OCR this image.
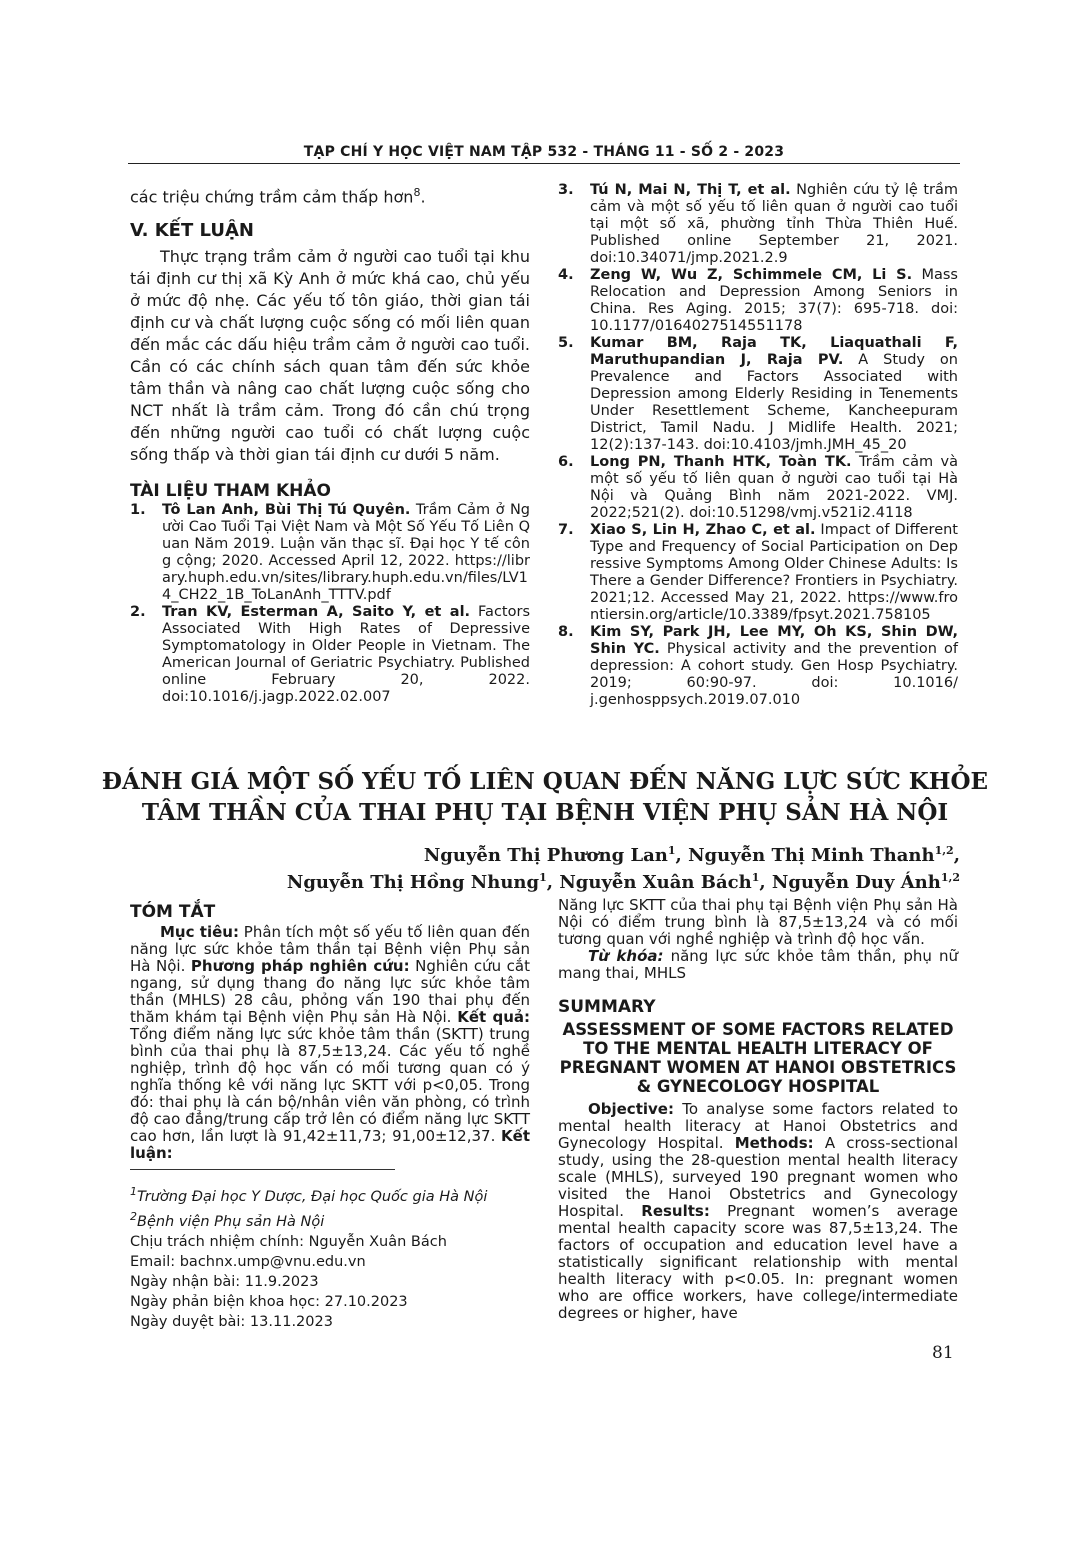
TẠP CHÍ Y HỌC VIỆT NAM TẬP 532 - THÁNG 11 - SỐ 2 - 2023

các triệu chứng trầm cảm thấp hơn$^8$.

V. KẾT LUẬN

Thực trạng trầm cảm ở người cao tuổi tại khu tái định cư thị xã Kỳ Anh ở mức khá cao, chủ yếu ở mức độ nhẹ. Các yếu tố tôn giáo, thời gian tái định cư và chất lượng cuộc sống có mối liên quan đến mắc các dấu hiệu trầm cảm ở người cao tuổi. Cần có các chính sách quan tâm đến sức khỏe tâm thần và nâng cao chất lượng cuộc sống cho NCT nhất là trầm cảm. Trong đó cần chú trọng đến những người cao tuổi có chất lượng cuộc sống thấp và thời gian tái định cư dưới 5 năm.

TÀI LIỆU THAM KHẢO

1.	Tô Lan Anh, Bùi Thị Tú Quyên. Trầm Cảm ở Người Cao Tuổi Tại Việt Nam và Một Số Yếu Tố Liên Quan Năm 2019. Luận văn thạc sĩ. Đại học Y tế công cộng; 2020. Accessed April 12, 2022. https://library.huph.edu.vn/sites/library.huph.edu.vn/files/LV14_CH22_1B_ToLanAnh_TTTV.pdf
2.	Tran KV, Esterman A, Saito Y, et al. Factors Associated With High Rates of Depressive Symptomatology in Older People in Vietnam. The American Journal of Geriatric Psychiatry. Published online February 20, 2022. doi:10.1016/j.jagp.2022.02.007
3.	Tú N, Mai N, Thị T, et al. Nghiên cứu tỷ lệ trầm cảm và một số yếu tố liên quan ở người cao tuổi tại một số xã, phường tỉnh Thừa Thiên Huế. Published online September 21, 2021. doi:10.34071/jmp.2021.2.9
4.	Zeng W, Wu Z, Schimmele CM, Li S. Mass Relocation and Depression Among Seniors in China. Res Aging. 2015; 37(7): 695-718. doi: 10.1177/0164027514551178
5.	Kumar BM, Raja TK, Liaquathali F, Maruthupandian J, Raja PV. A Study on Prevalence and Factors Associated with Depression among Elderly Residing in Tenements Under Resettlement Scheme, Kancheepuram District, Tamil Nadu. J Midlife Health. 2021; 12(2):137-143. doi:10.4103/jmh.JMH_45_20
6.	Long PN, Thanh HTK, Toàn TK. Trầm cảm và một số yếu tố liên quan ở người cao tuổi tại Hà Nội và Quảng Bình năm 2021-2022. VMJ. 2022;521(2). doi:10.51298/vmj.v521i2.4118
7.	Xiao S, Lin H, Zhao C, et al. Impact of Different Type and Frequency of Social Participation on Depressive Symptoms Among Older Chinese Adults: Is There a Gender Difference? Frontiers in Psychiatry. 2021;12. Accessed May 21, 2022. https://www.frontiersin.org/article/10.3389/fpsyt.2021.758105
8.	Kim SY, Park JH, Lee MY, Oh KS, Shin DW, Shin YC. Physical activity and the prevention of depression: A cohort study. Gen Hosp Psychiatry. 2019; 60:90-97. doi: 10.1016/ j.genhosppsych.2019.07.010
ĐÁNH GIÁ MỘT SỐ YẾU TỐ LIÊN QUAN ĐẾN NĂNG LỰC SỨC KHỎE
TÂM THẦN CỦA THAI PHỤ TẠI BỆNH VIỆN PHỤ SẢN HÀ NỘI
Nguyễn Thị Phương Lan$^1$, Nguyễn Thị Minh Thanh$^{1,2}$,
Nguyễn Thị Hồng Nhung$^1$, Nguyễn Xuân Bách$^1$, Nguyễn Duy Ánh$^{1,2}$

TÓM TẮT

Mục tiêu: Phân tích một số yếu tố liên quan đến năng lực sức khỏe tâm thần tại Bệnh viện Phụ sản Hà Nội. Phương pháp nghiên cứu: Nghiên cứu cắt ngang, sử dụng thang đo năng lực sức khỏe tâm thần (MHLS) 28 câu, phỏng vấn 190 thai phụ đến thăm khám tại Bệnh viện Phụ sản Hà Nội. Kết quả: Tổng điểm năng lực sức khỏe tâm thần (SKTT) trung bình của thai phụ là 87,5±13,24. Các yếu tố nghề nghiệp, trình độ học vấn có mối tương quan có ý nghĩa thống kê với năng lực SKTT với p<0,05. Trong đó: thai phụ là cán bộ/nhân viên văn phòng, có trình độ cao đẳng/trung cấp trở lên có điểm năng lực SKTT cao hơn, lần lượt là 91,42±11,73; 91,00±12,37. Kết luận:

$^1$Trường Đại học Y Dược, Đại học Quốc gia Hà Nội
$^2$Bệnh viện Phụ sản Hà Nội
Chịu trách nhiệm chính: Nguyễn Xuân Bách
Email: bachnx.ump@vnu.edu.vn
Ngày nhận bài: 11.9.2023
Ngày phản biện khoa học: 27.10.2023
Ngày duyệt bài: 13.11.2023

Năng lực SKTT của thai phụ tại Bệnh viện Phụ sản Hà Nội có điểm trung bình là 87,5±13,24 và có mối tương quan với nghề nghiệp và trình độ học vấn.

Từ khóa: năng lực sức khỏe tâm thần, phụ nữ mang thai, MHLS

SUMMARY

ASSESSMENT OF SOME FACTORS RELATED TO THE MENTAL HEALTH LITERACY OF PREGNANT WOMEN AT HANOI OBSTETRICS & GYNECOLOGY HOSPITAL

Objective: To analyse some factors related to mental health literacy at Hanoi Obstetrics and Gynecology Hospital. Methods: A cross-sectional study, using the 28-question mental health literacy scale (MHLS), surveyed 190 pregnant women who visited the Hanoi Obstetrics and Gynecology Hospital. Results: Pregnant women’s average mental health capacity score was 87,5±13,24. The factors of occupation and education level have a statistically significant relationship with mental health literacy with p<0.05. In: pregnant women who are office workers, have college/intermediate degrees or higher, have

81
